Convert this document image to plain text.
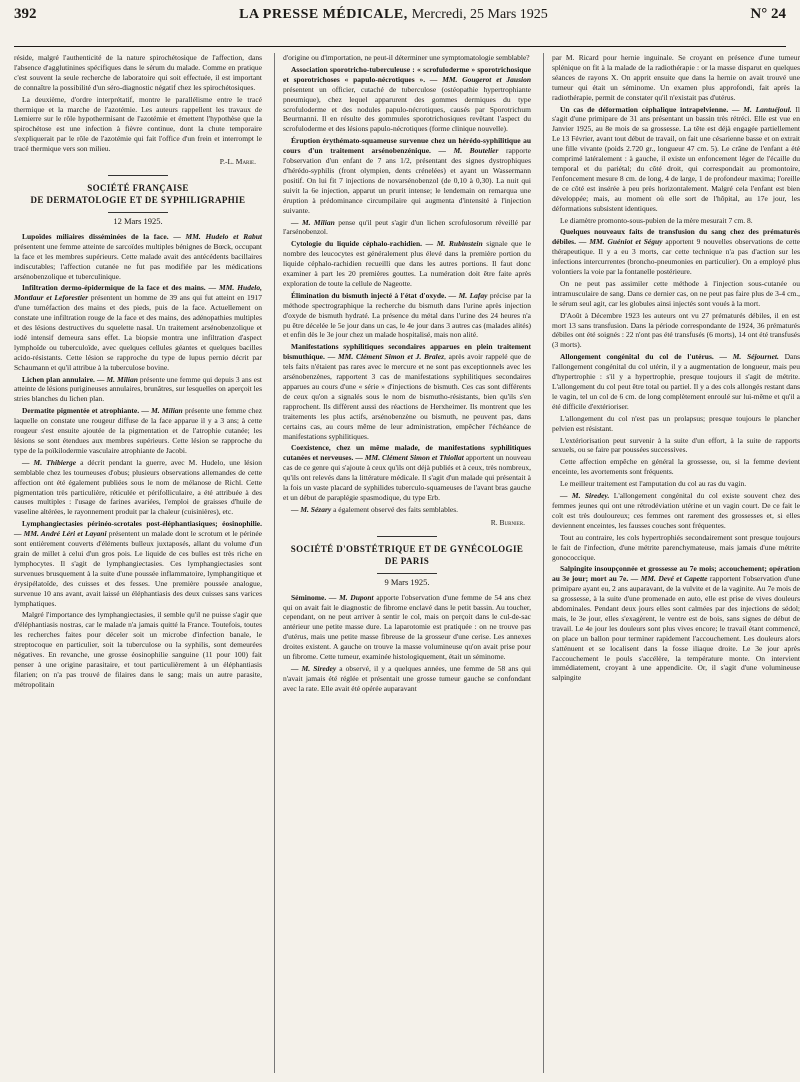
392	LA PRESSE MÉDICALE, Mercredi, 25 Mars 1925	N° 24

réside, malgré l'authenticité de la nature spirochétosique de l'affection, dans l'absence d'agglutinines spécifiques dans le sérum du malade. Comme en pratique c'est souvent la seule recherche de laboratoire qui soit effectuée, il est important de connaître la possibilité d'un séro-diagnostic négatif chez les spirochétosiques.

La deuxième, d'ordre interprétatif, montre le parallélisme entre le tracé thermique et la marche de l'azotémie. Les auteurs rappellent les travaux de Lemierre sur le rôle hypothermisant de l'azotémie et émettent l'hypothèse que la spirochétose est une infection à fièvre continue, dont la chute temporaire s'expliquerait par le rôle de l'azotémie qui fait l'office d'un frein et interrompt le tracé thermique vers son milieu.

P.-L. Marie.
SOCIÉTÉ FRANÇAISE
DE DERMATOLOGIE ET DE SYPHILIGRAPHIE
12 Mars 1925.

Lupoïdes miliaires disséminées de la face. — MM. Hudelo et Rabut présentent une femme atteinte de sarcoïdes multiples bénignes de Bœck, occupant la face et les membres supérieurs. Cette malade avait des antécédents bacillaires indiscutables; l'affection cutanée ne fut pas modifiée par les médications arsénobenzolique et tuberculinique.

Infiltration dermo-épidermique de la face et des mains. — MM. Hudelo, Montlaur et Leforestier présentent un homme de 39 ans qui fut atteint en 1917 d'une tuméfaction des mains et des pieds, puis de la face. Actuellement on constate une infiltration rouge de la face et des mains, des adénopathies multiples et des lésions destructives du squelette nasal. Un traitement arsénobenzolique et iodé intensif demeura sans effet. La biopsie montra une infiltration d'aspect lymphoïde ou tuberculoïde, avec quelques cellules géantes et quelques bacilles acido-résistants. Cette lésion se rapproche du type de lupus pernio décrit par Schaumann et qu'il attribue à la tuberculose bovine.

Lichen plan annulaire. — M. Milian présente une femme qui depuis 3 ans est atteinte de lésions purigineuses annulaires, brunâtres, sur lesquelles on aperçoit les stries blanches du lichen plan.

Dermatite pigmentée et atrophiante. — M. Milian présente une femme chez laquelle on constate une rougeur diffuse de la face apparue il y a 3 ans; à cette rougeur s'est ensuite ajoutée de la pigmentation et de l'atrophie cutanée; les lésions se sont étendues aux membres supérieurs. Cette lésion se rapproche du type de la poïkilodermie vasculaire atrophiante de Jacobi.

— M. Thibierge a décrit pendant la guerre, avec M. Hudelo, une lésion semblable chez les tourneuses d'obus; plusieurs observations allemandes de cette affection ont été également publiées sous le nom de mélanose de Richl. Cette pigmentation très particulière, réticulée et périfolliculaire, a été attribuée à des causes multiples : l'usage de farines avariées, l'emploi de graisses d'huile de vaseline altérées, le rayonnement produit par la chaleur (cuisinières), etc.

Lymphangiectasies périnéo-scrotales post-éléphantiasiques; éosinophilie. — MM. André Léri et Layani présentent un malade dont le scrotum et le périnée sont entièrement couverts d'éléments bulleux juxtaposés, allant du volume d'un grain de millet à celui d'un gros pois. Le liquide de ces bulles est très riche en lymphocytes. Il s'agit de lymphangiectasies. Ces lymphangiectasies sont survenues brusquement à la suite d'une poussée inflammatoire, lymphangitique et érysipélatoïde, des cuisses et des fesses. Une première poussée analogue, survenue 10 ans avant, avait laissé un éléphantiasis des deux cuisses sans varices lymphatiques.

Malgré l'importance des lymphangiectasies, il semble qu'il ne puisse s'agir que d'éléphantiasis nostras, car le malade n'a jamais quitté la France. Toutefois, toutes les recherches faites pour déceler soit un microbe d'infection banale, le streptocoque en particulier, soit la tuberculose ou la syphilis, sont demeurées négatives. En revanche, une grosse éosinophilie sanguine (11 pour 100) fait penser à une origine parasitaire, et tout particulièrement à un éléphantiasis filarien; on n'a pas trouvé de filaires dans le sang; mais un autre parasite, métropolitain

d'origine ou d'importation, ne peut-il déterminer une symptomatologie semblable?

Association sporotricho-tuberculeuse : « scrofuloderme » sporotrichosique et sporotrichoses « papulo-nécrotiques ». — MM. Gougerot et Jausion présentent un officier, cutaché de tuberculose (ostéopathie hypertrophiante pneumique), chez lequel apparurent des gommes dermiques du type scrofuloderme et des nodules papulo-nécrotiques, causés par Sporotrichum Beurmanni. Il en résulte des gommules sporotrichosiques revêtant l'aspect du scrofuloderme et des lésions papulo-nécrotiques (forme clinique nouvelle).

Éruption érythémato-squameuse survenue chez un hérédo-syphilitique au cours d'un traitement arsénobenzénique. — M. Boutelier rapporte l'observation d'un enfant de 7 ans 1/2, présentant des signes dystrophiques d'hérédo-syphilis (front olympien, dents crénelées) et ayant un Wassermann positif. On lui fit 7 injections de novarsénobenzol (de 0,10 à 0,30). La nuit qui suivit la 6e injection, apparut un prurit intense; le lendemain on remarqua une éruption à prédominance circumpilaire qui augmenta d'intensité à l'injection suivante.

— M. Milian pense qu'il peut s'agir d'un lichen scrofulosorum réveillé par l'arsénobenzol.

Cytologie du liquide céphalo-rachidien. — M. Rubinstein signale que le nombre des leucocytes est généralement plus élevé dans la première portion du liquide céphalo-rachidien recueilli que dans les autres portions. Il faut donc examiner à part les 20 premières gouttes. La numération doit être faite après exploration de toute la cellule de Nageotte.

Élimination du bismuth injecté à l'état d'oxyde. — M. Lafay précise par la méthode spectrographique la recherche du bismuth dans l'urine après injection d'oxyde de bismuth hydraté. La présence du métal dans l'urine des 24 heures n'a pu être décelée le 5e jour dans un cas, le 4e jour dans 3 autres cas (malades alités) et enfin dès le 3e jour chez un malade hospitalisé, mais non alité.

Manifestations syphilitiques secondaires apparues en plein traitement bismuthique. — MM. Clément Simon et J. Bralez, après avoir rappelé que de tels faits n'étaient pas rares avec le mercure et ne sont pas exceptionnels avec les arsénobenzènes, rapportent 3 cas de manifestations syphilitiques secondaires apparues au cours d'une « série » d'injections de bismuth. Ces cas sont différents de ceux qu'on a signalés sous le nom de bismutho-résistants, bien qu'ils s'en rapprochent. Ils diffèrent aussi des réactions de Herxheimer. Ils montrent que les traitements les plus actifs, arsénobenzène ou bismuth, ne peuvent pas, dans certains cas, au cours même de leur administration, empêcher l'échéance de manifestations syphilitiques.

Coexistence, chez un même malade, de manifestations syphilitiques cutanées et nerveuses. — MM. Clément Simon et Thiollat apportent un nouveau cas de ce genre qui s'ajoute à ceux qu'ils ont déjà publiés et à ceux, très nombreux, qu'ils ont relevés dans la littérature médicale. Il s'agit d'un malade qui présentait à la fois un vaste placard de syphilides tuberculo-squameuses de l'avant bras gauche et un début de paraplégie spasmodique, du type Erb.

— M. Sézary a également observé des faits semblables.

R. Burnier.
SOCIÉTÉ D'OBSTÉTRIQUE ET DE GYNÉCOLOGIE
DE PARIS
9 Mars 1925.

Séminome. — M. Dupont apporte l'observation d'une femme de 54 ans chez qui on avait fait le diagnostic de fibrome enclavé dans le petit bassin. Au toucher, cependant, on ne peut arriver à sentir le col, mais on perçoit dans le cul-de-sac antérieur une petite masse dure. La laparotomie est pratiquée : on ne trouve pas d'utérus, mais une petite masse fibreuse de la grosseur d'une cerise. Les annexes droites existent. A gauche on trouve la masse volumineuse qu'on avait prise pour un fibrome. Cette tumeur, examinée histologiquement, était un séminome.

— M. Siredey a observé, il y a quelques années, une femme de 58 ans qui n'avait jamais été réglée et présentait une grosse tumeur gauche se confondant avec la rate. Elle avait été opérée auparavant

par M. Ricard pour hernie inguinale. Se croyant en présence d'une tumeur splénique on fit à la malade de la radiothérapie : or la masse disparut en quelques séances de rayons X. On apprit ensuite que dans la hernie on avait trouvé une tumeur qui était un séminome. Un examen plus approfondi, fait après la radiothérapie, permit de constater qu'il n'existait pas d'utérus.

Un cas de déformation céphalique intrapelvienne. — M. Lantuéjoul. Il s'agit d'une primipare de 31 ans présentant un bassin très rétréci. Elle est vue en Janvier 1925, au 8e mois de sa grossesse. La tête est déjà engagée partiellement Le 13 Février, avant tout début de travail, on fait une césarienne basse et on extrait une fille vivante (poids 2.720 gr., longueur 47 cm. 5). Le crâne de l'enfant a été comprimé latéralement : à gauche, il existe un enfoncement léger de l'écaille du temporal et du pariétal; du côté droit, qui correspondait au promontoire, l'enfoncement mesure 8 cm. de long, 4 de large, 1 de profondeur maxima; l'oreille de ce côté est insérée à peu près horizontalement. Malgré cela l'enfant est bien développée; mais, au moment où elle sort de l'hôpital, au 17e jour, les déformations subsistent identiques.

Le diamètre promonto-sous-pubien de la mère mesurait 7 cm. 8.

Quelques nouveaux faits de transfusion du sang chez des prématurés débiles. — MM. Guéniot et Séguy apportent 9 nouvelles observations de cette thérapeutique. Il y a eu 3 morts, car cette technique n'a pas d'action sur les infections intercurrentes (broncho-pneumonies en particulier). On a employé plus volontiers la voie par la fontanelle postérieure.

On ne peut pas assimiler cette méthode à l'injection sous-cutanée ou intramusculaire de sang. Dans ce dernier cas, on ne peut pas faire plus de 3-4 cm., le sérum seul agit, car les globules ainsi injectés sont voués à la mort.

D'Août à Décembre 1923 les auteurs ont vu 27 prématurés débiles, il en est mort 13 sans transfusion. Dans la période correspondante de 1924, 36 prématurés débiles ont été soignés : 22 n'ont pas été transfusés (6 morts), 14 ont été transfusés (3 morts).

Allongement congénital du col de l'utérus. — M. Séjournet. Dans l'allongement congénital du col utérin, il y a augmentation de longueur, mais peu d'hypertrophie : s'il y a hypertrophie, presque toujours il s'agit de métrite. L'allongement du col peut être total ou partiel. Il y a des cols allongés restant dans le vagin, tel un col de 6 cm. de long complètement enroulé sur lui-même et qu'il a été difficile d'extérioriser.

L'allongement du col n'est pas un prolapsus; presque toujours le plancher pelvien est résistant.

L'extériorisation peut survenir à la suite d'un effort, à la suite de rapports sexuels, ou se faire par poussées successives.

Cette affection empêche en général la grossesse, ou, si la femme devient enceinte, les avortements sont fréquents.

Le meilleur traitement est l'amputation du col au ras du vagin.

— M. Siredey. L'allongement congénital du col existe souvent chez des femmes jeunes qui ont une rétrodéviation utérine et un vagin court. De ce fait le coït est très douloureux; ces femmes ont rarement des grossesses et, si elles deviennent enceintes, les fausses couches sont fréquentes.

Tout au contraire, les cols hypertrophiés secondairement sont presque toujours le fait de l'infection, d'une métrite parenchymateuse, mais jamais d'une métrite gonococcique.

Salpingite insoupçonnée et grossesse au 7e mois; accouchement; opération au 3e jour; mort au 7e. — MM. Devé et Capette rapportent l'observation d'une primipare ayant eu, 2 ans auparavant, de la vulvite et de la vaginite. Au 7e mois de sa grossesse, à la suite d'une promenade en auto, elle est prise de vives douleurs abdominales. Pendant deux jours elles sont calmées par des injections de sédol; mais, le 3e jour, elles s'exagèrent, le ventre est de bois, sans signes de début de travail. Le 4e jour les douleurs sont plus vives encore; le travail étant commencé, on place un ballon pour terminer rapidement l'accouchement. Les douleurs alors s'atténuent et se localisent dans la fosse iliaque droite. Le 3e jour après l'accouchement le pouls s'accélère, la température monte. On intervient immédiatement, croyant à une appendicite. Or, il s'agit d'une volumineuse salpingite
